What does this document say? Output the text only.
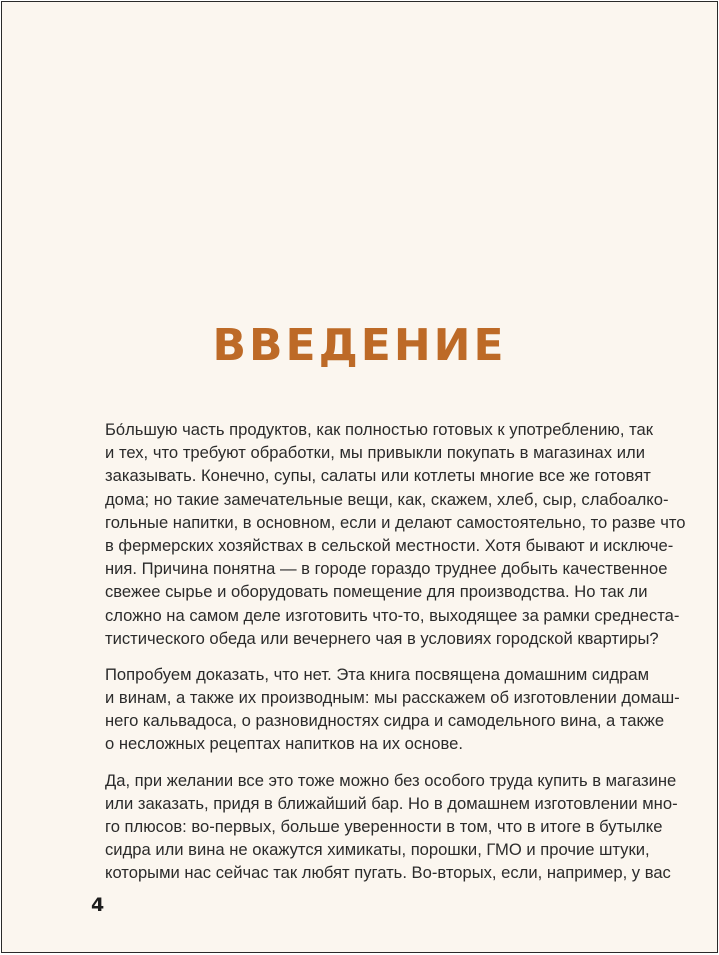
ВВЕДЕНИЕ

Бо́льшую часть продуктов, как полностью готовых к употреблению, так
и тех, что требуют обработки, мы привыкли покупать в магазинах или
заказывать. Конечно, супы, салаты или котлеты многие все же готовят
дома; но такие замечательные вещи, как, скажем, хлеб, сыр, слабоалко-
гольные напитки, в основном, если и делают самостоятельно, то разве что
в фермерских хозяйствах в сельской местности. Хотя бывают и исключе-
ния. Причина понятна — в городе гораздо труднее добыть качественное
свежее сырье и оборудовать помещение для производства. Но так ли
сложно на самом деле изготовить что-то, выходящее за рамки среднеста-
тистического обеда или вечернего чая в условиях городской квартиры?

Попробуем доказать, что нет. Эта книга посвящена домашним сидрам
и винам, а также их производным: мы расскажем об изготовлении домаш-
него кальвадоса, о разновидностях сидра и самодельного вина, а также
о несложных рецептах напитков на их основе.

Да, при желании все это тоже можно без особого труда купить в магазине
или заказать, придя в ближайший бар. Но в домашнем изготовлении мно-
го плюсов: во-первых, больше уверенности в том, что в итоге в бутылке
сидра или вина не окажутся химикаты, порошки, ГМО и прочие штуки,
которыми нас сейчас так любят пугать. Во-вторых, если, например, у вас

4
